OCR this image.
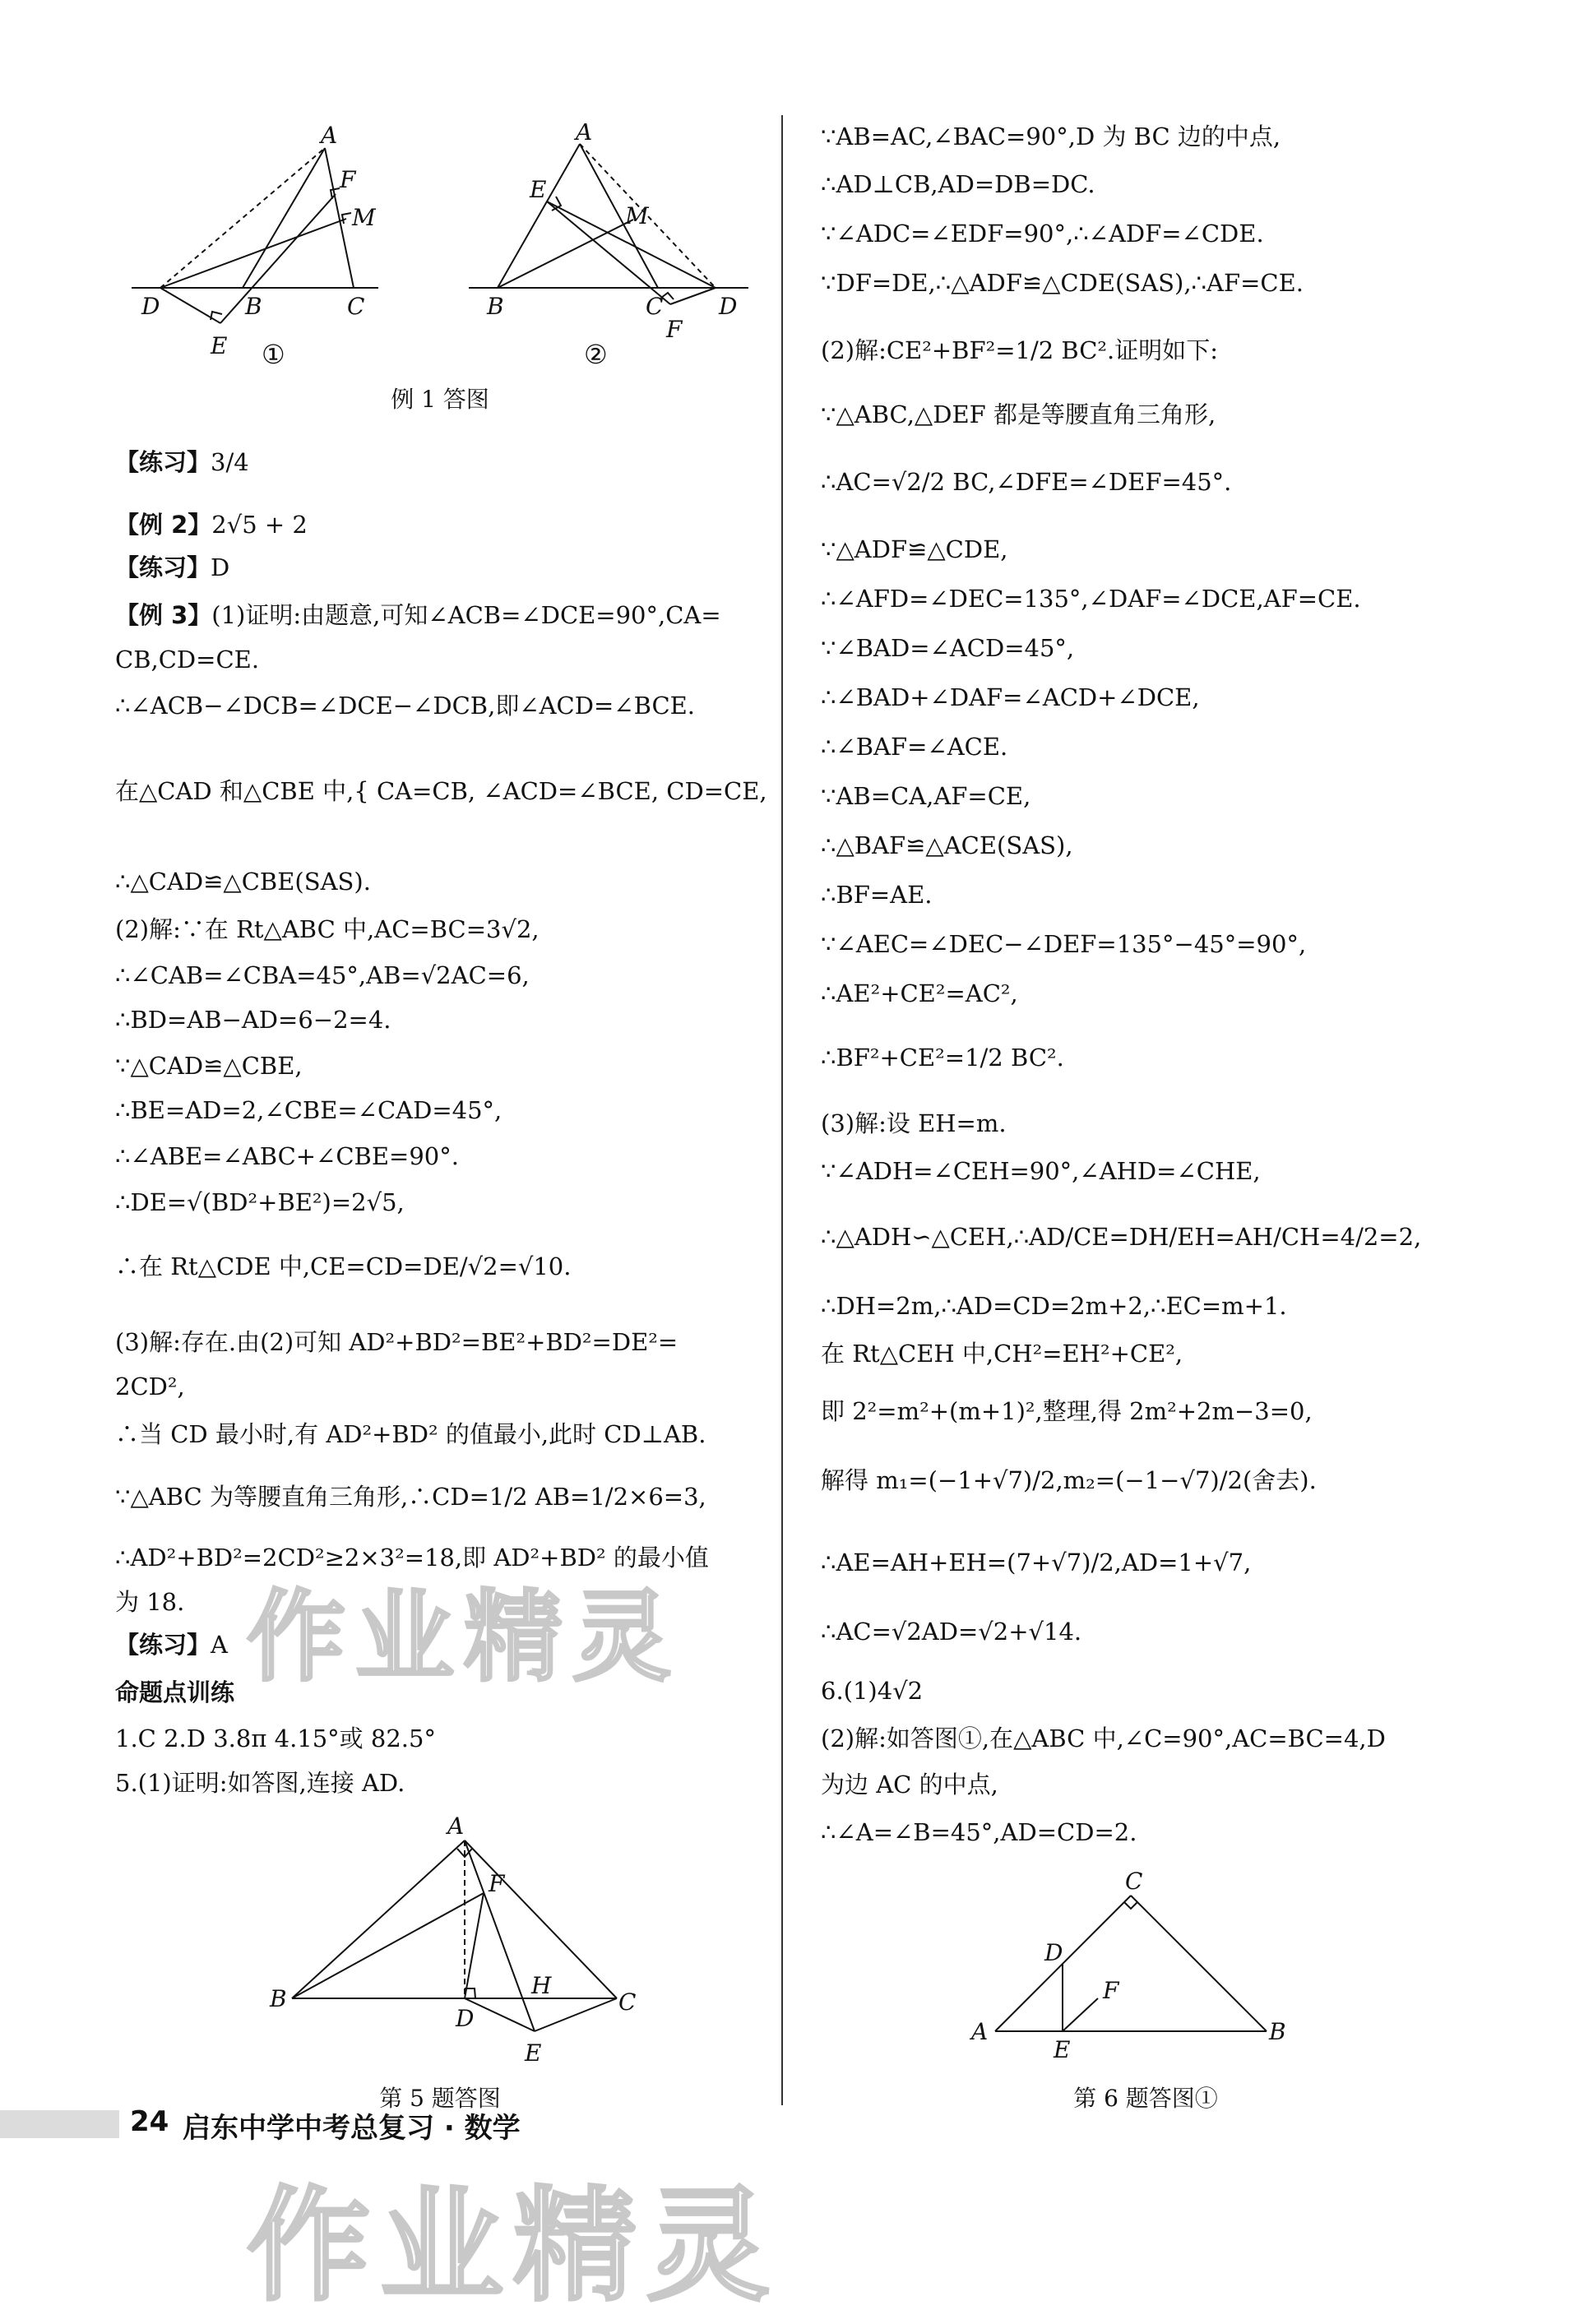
A
F
M
D	B	C
E ①
A
E
M
B	C D
F
②
例 1 答图
【练习】3/4
【例 2】2√5 + 2
【练习】D
【例 3】(1)证明:由题意,可知∠ACB=∠DCE=90°,CA=
CB,CD=CE.
∴∠ACB−∠DCB=∠DCE−∠DCB,即∠ACD=∠BCE.
在△CAD 和△CBE 中,{ CA=CB, ∠ACD=∠BCE, CD=CE,
∴△CAD≌△CBE(SAS).
(2)解:∵在 Rt△ABC 中,AC=BC=3√2,
∴∠CAB=∠CBA=45°,AB=√2AC=6,
∴BD=AB−AD=6−2=4.
∵△CAD≌△CBE,
∴BE=AD=2,∠CBE=∠CAD=45°,
∴∠ABE=∠ABC+∠CBE=90°.
∴DE=√(BD²+BE²)=2√5,
∴在 Rt△CDE 中,CE=CD=DE/√2=√10.
(3)解:存在.由(2)可知 AD²+BD²=BE²+BD²=DE²=
2CD²,
∴当 CD 最小时,有 AD²+BD² 的值最小,此时 CD⊥AB.
∵△ABC 为等腰直角三角形,∴CD=1/2 AB=1/2×6=3,
∴AD²+BD²=2CD²≥2×3²=18,即 AD²+BD² 的最小值
为 18.
【练习】A
命题点训练
1.C 2.D 3.8π 4.15°或 82.5°
5.(1)证明:如答图,连接 AD.
A
F
B	H
C
D
E
第 5 题答图
∵AB=AC,∠BAC=90°,D 为 BC 边的中点,
∴AD⊥CB,AD=DB=DC.
∵∠ADC=∠EDF=90°,∴∠ADF=∠CDE.
∵DF=DE,∴△ADF≌△CDE(SAS),∴AF=CE.
(2)解:CE²+BF²=1/2 BC².证明如下:
∵△ABC,△DEF 都是等腰直角三角形,
∴AC=√2/2 BC,∠DFE=∠DEF=45°.
∵△ADF≌△CDE,
∴∠AFD=∠DEC=135°,∠DAF=∠DCE,AF=CE.
∵∠BAD=∠ACD=45°,
∴∠BAD+∠DAF=∠ACD+∠DCE,
∴∠BAF=∠ACE.
∵AB=CA,AF=CE,
∴△BAF≌△ACE(SAS),
∴BF=AE.
∵∠AEC=∠DEC−∠DEF=135°−45°=90°,
∴AE²+CE²=AC²,
∴BF²+CE²=1/2 BC².
(3)解:设 EH=m.
∵∠ADH=∠CEH=90°,∠AHD=∠CHE,
∴△ADH∽△CEH,∴AD/CE=DH/EH=AH/CH=4/2=2,
∴DH=2m,∴AD=CD=2m+2,∴EC=m+1.
在 Rt△CEH 中,CH²=EH²+CE²,
即 2²=m²+(m+1)²,整理,得 2m²+2m−3=0,
解得 m₁=(−1+√7)/2,m₂=(−1−√7)/2(舍去).
∴AE=AH+EH=(7+√7)/2,AD=1+√7,
∴AC=√2AD=√2+√14.
6.(1)4√2
(2)解:如答图①,在△ABC 中,∠C=90°,AC=BC=4,D
为边 AC 的中点,
∴∠A=∠B=45°,AD=CD=2.
C
D
F
A
E
B
第 6 题答图①
作业精灵
作业精灵
24 启东中学中考总复习 · 数学
